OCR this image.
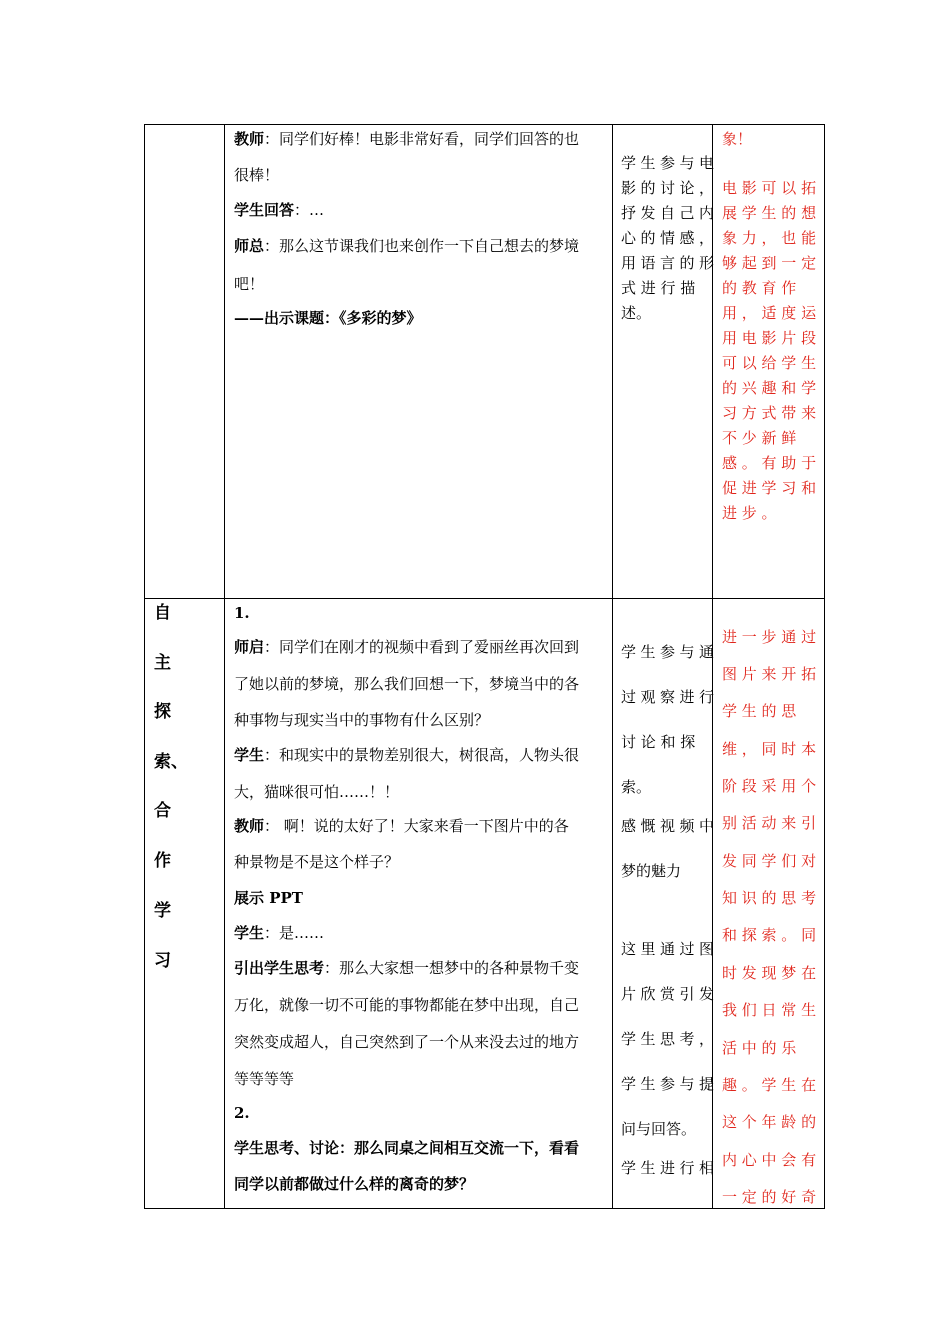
教师：同学们好棒！电影非常好看，同学们回答的也
很棒！
学生回答：…
师总：那么这节课我们也来创作一下自己想去的梦境
吧！
——出示课题：《多彩的梦》
学生参与电
影的讨论，
抒发自己内
心的情感，
用语言的形
式 进 行 描
述。
象！
电 影 可 以 拓
展 学 生 的 想
象 力 ， 也 能
够 起 到 一 定
的 教 育 作
用 ， 适 度 运
用 电 影 片 段
可 以 给 学 生
的 兴 趣 和 学
习 方 式 带 来
不 少 新 鲜
感 。 有 助 于
促 进 学 习 和
进 步 。
自
主
探
索、
合
作
学
习
1.
师启：同学们在刚才的视频中看到了爱丽丝再次回到
了她以前的梦境，那么我们回想一下，梦境当中的各
种事物与现实当中的事物有什么区别？
学生：和现实中的景物差别很大，树很高，人物头很
大，猫咪很可怕……！！
教师： 啊！说的太好了！大家来看一下图片中的各
种景物是不是这个样子？
展示 PPT
学生：是……
引出学生思考：那么大家想一想梦中的各种景物千变
万化，就像一切不可能的事物都能在梦中出现，自己
突然变成超人，自己突然到了一个从来没去过的地方
等等等等
2.
学生思考、讨论：那么同桌之间相互交流一下，看看
同学以前都做过什么样的离奇的梦？
学生参与通
过观察进行
讨 论 和 探
索。
感慨视频中
梦的魅力
这里通过图
片欣赏引发
学生思考，
学生参与提
问与回答。
学生进行相
进 一 步 通 过
图 片 来 开 拓
学 生 的 思
维 ， 同 时 本
阶 段 采 用 个
别 活 动 来 引
发 同 学 们 对
知 识 的 思 考
和 探 索 。 同
时 发 现 梦 在
我 们 日 常 生
活 中 的 乐
趣 。 学 生 在
这 个 年 龄 的
内 心 中 会 有
一 定 的 好 奇
